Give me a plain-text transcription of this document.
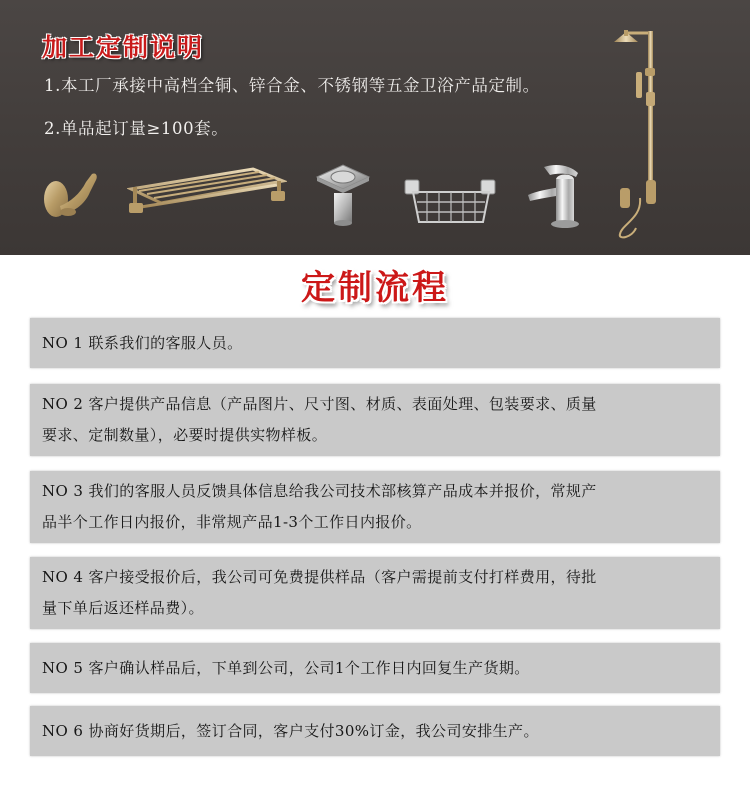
加工定制说明
1.本工厂承接中高档全铜、锌合金、不锈钢等五金卫浴产品定制。
2.单品起订量≥100套。
定制流程

NO 1 联系我们的客服人员。

NO 2 客户提供产品信息（产品图片、尺寸图、材质、表面处理、包装要求、质量

要求、定制数量），必要时提供实物样板。

NO 3 我们的客服人员反馈具体信息给我公司技术部核算产品成本并报价，常规产

品半个工作日内报价，非常规产品1-3个工作日内报价。

NO 4 客户接受报价后，我公司可免费提供样品（客户需提前支付打样费用，待批

量下单后返还样品费）。

NO 5 客户确认样品后，下单到公司，公司1个工作日内回复生产货期。

NO 6 协商好货期后，签订合同，客户支付30%订金，我公司安排生产。
